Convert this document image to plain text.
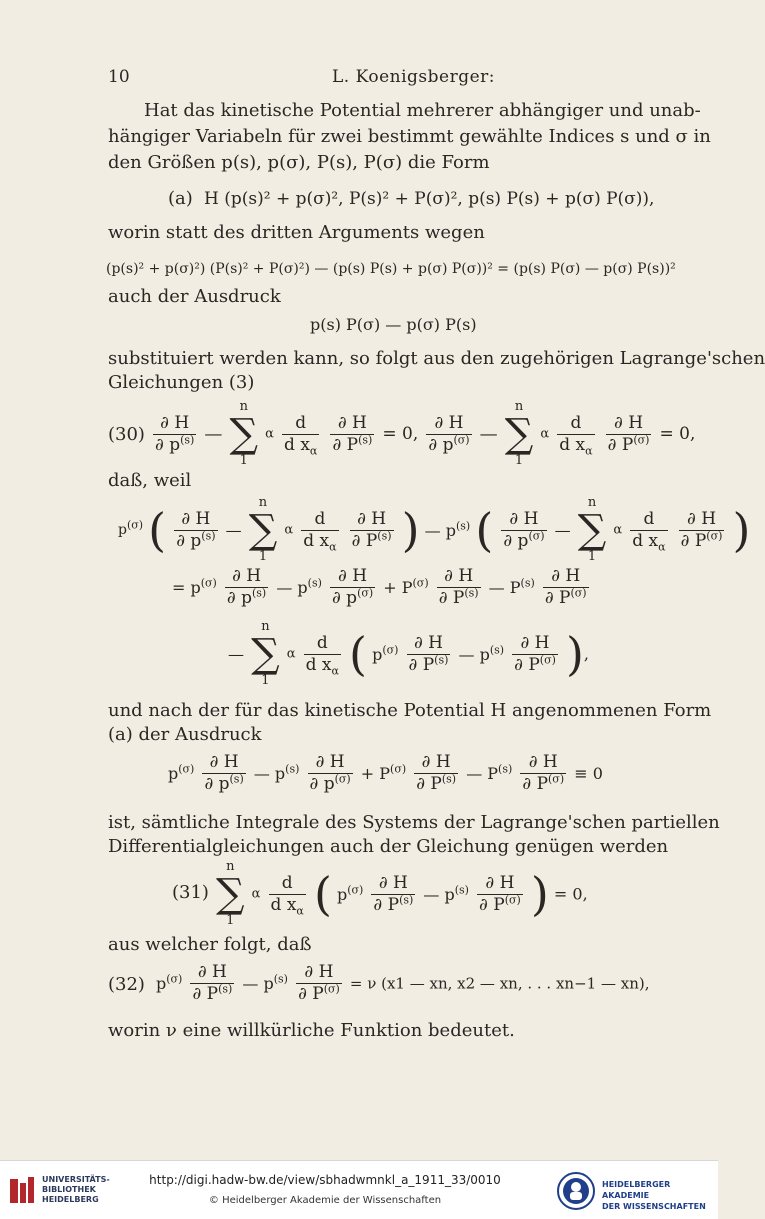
10	L. Koenigsberger:
Hat das kinetische Potential mehrerer abhängiger und unab-
hängiger Variabeln für zwei bestimmt gewählte Indices s und σ in
den Größen p(s), p(σ), P(s), P(σ) die Form
(a) H (p(s)² + p(σ)², P(s)² + P(σ)², p(s) P(s) + p(σ) P(σ)),
worin statt des dritten Arguments wegen
(p(s)² + p(σ)²) (P(s)² + P(σ)²) — (p(s) P(s) + p(σ) P(σ))² = (p(s) P(σ) — p(σ) P(s))²
auch der Ausdruck
p(s) P(σ) — p(σ) P(s)
substituiert werden kann, so folgt aus den zugehörigen Lagrange'schen
Gleichungen (3)
$(30) \frac{\partial H}{\partial p^{(s)}}$ — n
∑
1 α $\frac{d}{d x_\alpha}$
$\frac{\partial H}{\partial P^{(s)}} = 0$, $\frac{\partial H}{\partial p^{(\sigma)}}$ — n
∑
1 α $\frac{d}{d x_\alpha}$
$\frac{\partial H}{\partial P^{(\sigma)}} = 0$,
daß, weil
$p^{(\sigma)}$ ( $\frac{\partial H}{\partial p^{(s)}}$ — n
∑
1 α $\frac{d}{d x_\alpha}$
$\frac{\partial H}{\partial P^{(s)}}$ ) — $p^{(s)}$ ( $\frac{\partial H}{\partial p^{(\sigma)}}$ — n
∑
1 α $\frac{d}{d x_\alpha}$
$\frac{\partial H}{\partial P^{(\sigma)}}$ )
= $p^{(\sigma)} \frac{\partial H}{\partial p^{(s)}}$ — $p^{(s)} \frac{\partial H}{\partial p^{(\sigma)}} + P^{(\sigma)} \frac{\partial H}{\partial P^{(s)}}$ — $P^{(s)} \frac{\partial H}{\partial P^{(\sigma)}}$
— n
∑
1 α $\frac{d}{d x_\alpha}$ ( $p^{(\sigma)} \frac{\partial H}{\partial P^{(s)}}$ — $p^{(s)} \frac{\partial H}{\partial P^{(\sigma)}}$ ),
und nach der für das kinetische Potential H angenommenen Form
(a) der Ausdruck
$p^{(\sigma)} \frac{\partial H}{\partial p^{(s)}}$ — $p^{(s)} \frac{\partial H}{\partial p^{(\sigma)}} + P^{(\sigma)} \frac{\partial H}{\partial P^{(s)}}$ — $P^{(s)} \frac{\partial H}{\partial P^{(\sigma)}} \equiv 0$
ist, sämtliche Integrale des Systems der Lagrange'schen partiellen
Differentialgleichungen auch der Gleichung genügen werden
(31)
n
∑
1 α $\frac{d}{d x_\alpha}$ ( $p^{(\sigma)} \frac{\partial H}{\partial P^{(s)}}$ — $p^{(s)} \frac{\partial H}{\partial P^{(\sigma)}}$ ) = 0,
aus welcher folgt, daß
(32) $p^{(\sigma)} \frac{\partial H}{\partial P^{(s)}}$ — $p^{(s)} \frac{\partial H}{\partial P^{(\sigma)}} = \nu$ (x1 — xn, x2 — xn, . . . xn−1 — xn),
worin ν eine willkürliche Funktion bedeutet.
UNIVERSITÄTS-
BIBLIOTHEK
HEIDELBERG
http://digi.hadw-bw.de/view/sbhadwmnkl_a_1911_33/0010
© Heidelberger Akademie der Wissenschaften
HEIDELBERGER AKADEMIE
DER WISSENSCHAFTEN
